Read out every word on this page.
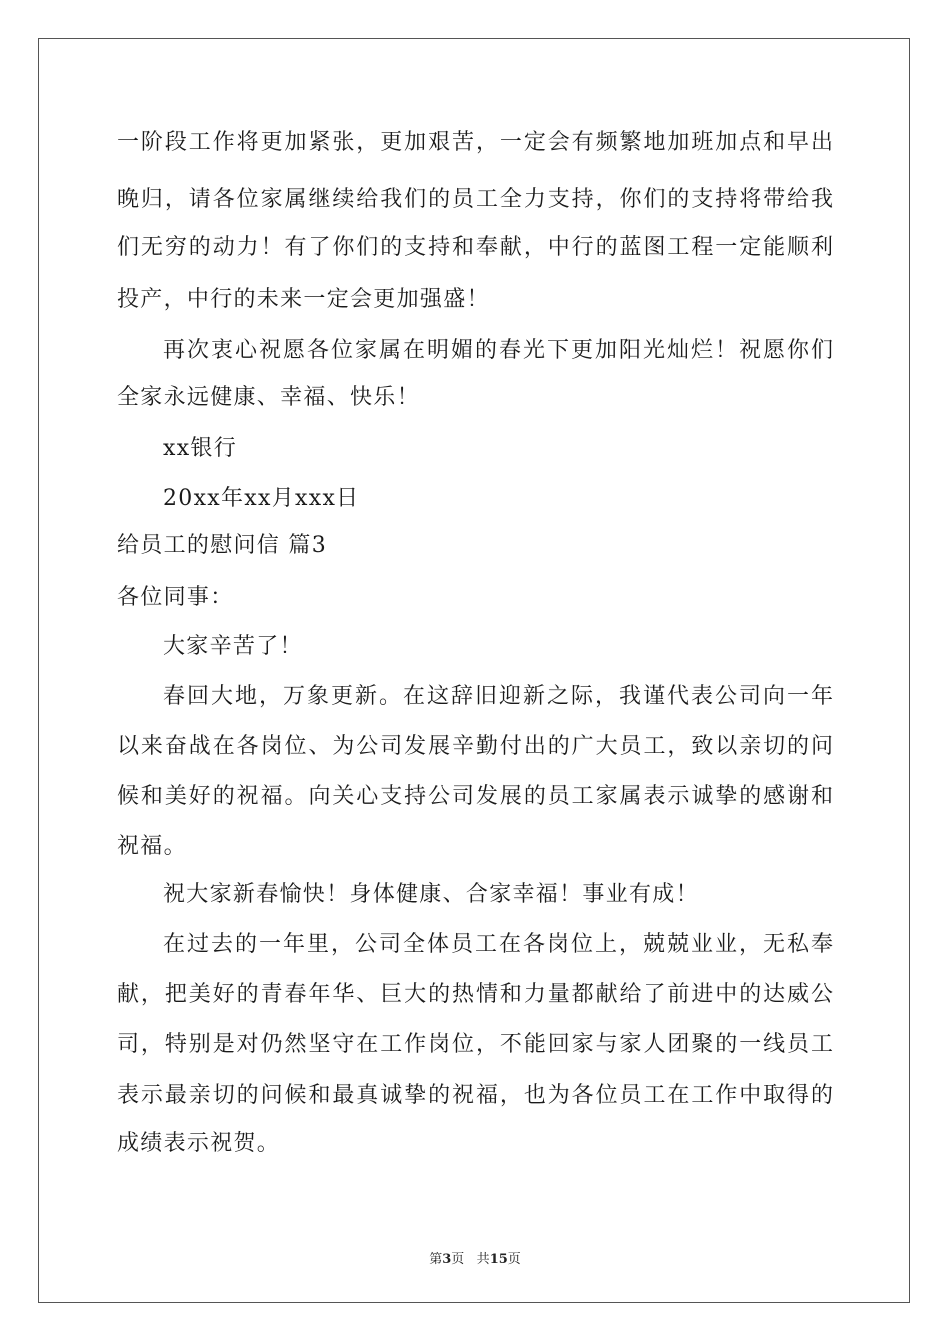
一阶段工作将更加紧张，更加艰苦，一定会有频繁地加班加点和早出
晚归，请各位家属继续给我们的员工全力支持，你们的支持将带给我
们无穷的动力！有了你们的支持和奉献，中行的蓝图工程一定能顺利
投产，中行的未来一定会更加强盛！
再次衷心祝愿各位家属在明媚的春光下更加阳光灿烂！祝愿你们
全家永远健康、幸福、快乐！
xx银行
20xx年xx月xxx日
给员工的慰问信 篇3
各位同事：
大家辛苦了！
春回大地，万象更新。在这辞旧迎新之际，我谨代表公司向一年
以来奋战在各岗位、为公司发展辛勤付出的广大员工，致以亲切的问
候和美好的祝福。向关心支持公司发展的员工家属表示诚挚的感谢和
祝福。
祝大家新春愉快！身体健康、合家幸福！事业有成！
在过去的一年里，公司全体员工在各岗位上，兢兢业业，无私奉
献，把美好的青春年华、巨大的热情和力量都献给了前进中的达威公
司，特别是对仍然坚守在工作岗位，不能回家与家人团聚的一线员工
表示最亲切的问候和最真诚挚的祝福，也为各位员工在工作中取得的
成绩表示祝贺。
第3页 共15页
